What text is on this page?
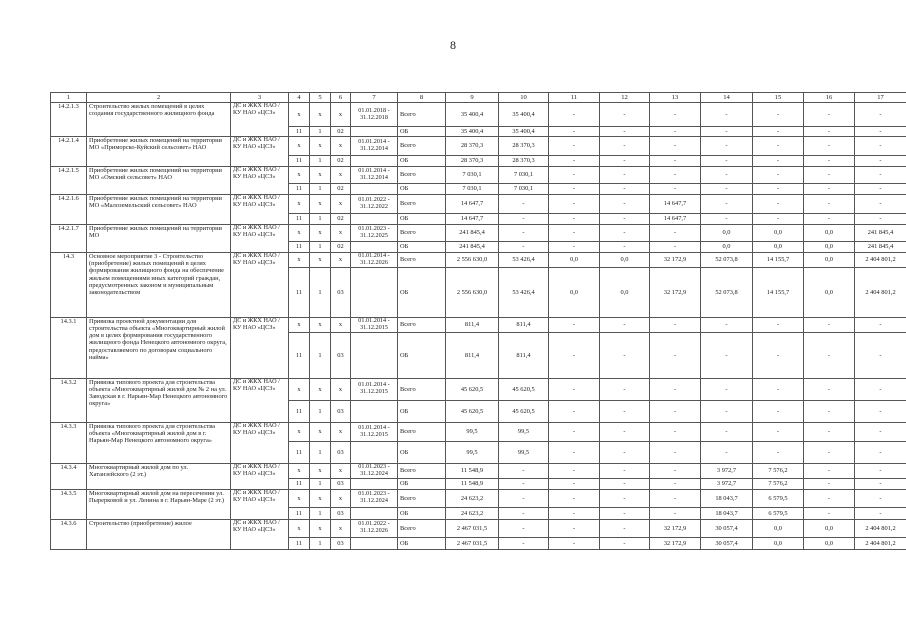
8
1	2	3	4	5	6	7	8	9	10	11	12	13	14	15	16	17
14.2.1.3	Строительство жилых помещений в целях создания государственного жилищного фонда	ДС и ЖКХ НАО / КУ НАО «ЦСЗ»	х	х	х	01.01.2018 - 31.12.2018	Всего	35 400,4	35 400,4	-	-	-	-	-	-	-
			11	1	02		ОБ	35 400,4	35 400,4	-	-	-	-	-	-	-
14.2.1.4	Приобретение жилых помещений на территории МО «Приморско-Куйский сельсовет» НАО	ДС и ЖКХ НАО / КУ НАО «ЦСЗ»	х	х	х	01.01.2014 - 31.12.2014	Всего	28 370,3	28 370,3	-	-	-	-	-	-	-
			11	1	02		ОБ	28 370,3	28 370,3	-	-	-	-	-	-	-
14.2.1.5	Приобретение жилых помещений на территории МО «Омский сельсовет» НАО	ДС и ЖКХ НАО / КУ НАО «ЦСЗ»	х	х	х	01.01.2014 - 31.12.2014	Всего	7 030,1	7 030,1	-	-	-	-	-	-	-
			11	1	02		ОБ	7 030,1	7 030,1	-	-	-	-	-	-	-
14.2.1.6	Приобретение жилых помещений на территории МО «Малоземельский сельсовет» НАО	ДС и ЖКХ НАО / КУ НАО «ЦСЗ»	х	х	х	01.01.2022 - 31.12.2022	Всего	14 647,7	-	-	-	14 647,7	-	-	-	-
			11	1	02		ОБ	14 647,7	-	-	-	14 647,7	-	-	-	-
14.2.1.7	Приобретение жилых помещений на территории МО	ДС и ЖКХ НАО / КУ НАО «ЦСЗ»	х	х	х	01.01.2023 - 31.12.2025	Всего	241 845,4	-	-	-	-	0,0	0,0	0,0	241 845,4
			11	1	02		ОБ	241 845,4	-	-	-	-	0,0	0,0	0,0	241 845,4
14.3	Основное мероприятие 3 - Строительство (приобретение) жилых помещений в целях формирования жилищного фонда на обеспечение жильем помещениями иных категорий граждан, предусмотренных законом и муниципальным законодательством	ДС и ЖКХ НАО / КУ НАО «ЦСЗ»	х	х	х	01.01.2014 - 31.12.2026	Всего	2 556 630,0	53 426,4	0,0	0,0	32 172,9	52 073,8	14 155,7	0,0	2 404 801,2
			11	1	03		ОБ	2 556 630,0	53 426,4	0,0	0,0	32 172,9	52 073,8	14 155,7	0,0	2 404 801,2
14.3.1	Привязка проектной документации для строительства объекта «Многоквартирный жилой дом в целях формирования государственного жилищного фонда Ненецкого автономного округа, предоставляемого по договорам социального найма»	ДС и ЖКХ НАО / КУ НАО «ЦСЗ»	х	х	х	01.01.2014 - 31.12.2015	Всего	811,4	811,4	-	-	-	-	-	-	-
			11	1	03		ОБ	811,4	811,4	-	-	-	-	-	-	-
14.3.2	Привязка типового проекта для строительства объекта «Многоквартирный жилой дом № 2 на ул. Заводская в г. Нарьян-Мар Ненецкого автономного округа»	ДС и ЖКХ НАО / КУ НАО «ЦСЗ»	х	х	х	01.01.2014 - 31.12.2015	Всего	45 620,5	45 620,5	-	-	-	-	-	-	-
			11	1	03		ОБ	45 620,5	45 620,5	-	-	-	-	-	-	-
14.3.3	Привязка типового проекта для строительства объекта «Многоквартирный жилой дом в г. Нарьян-Мар Ненецкого автономного округа»	ДС и ЖКХ НАО / КУ НАО «ЦСЗ»	х	х	х	01.01.2014 - 31.12.2015	Всего	99,5	99,5	-	-	-	-	-	-	-
			11	1	03		ОБ	99,5	99,5	-	-	-	-	-	-	-
14.3.4	Многоквартирный жилой дом по ул. Хатанзейского (2 эт.)	ДС и ЖКХ НАО / КУ НАО «ЦСЗ»	х	х	х	01.01.2023 - 31.12.2024	Всего	11 548,9	-	-	-	-	3 972,7	7 576,2	-	-
			11	1	03		ОБ	11 548,9	-	-	-	-	3 972,7	7 576,2	-	-
14.3.5	Многоквартирный жилой дом на пересечении ул. Пырерковой и ул. Ленина в г. Нарьян-Маре (2 эт.)	ДС и ЖКХ НАО / КУ НАО «ЦСЗ»	х	х	х	01.01.2023 - 31.12.2024	Всего	24 623,2	-	-	-	-	18 043,7	6 579,5	-	-
			11	1	03		ОБ	24 623,2	-	-	-	-	18 043,7	6 579,5	-	-
14.3.6	Строительство (приобретение) жилое	ДС и ЖКХ НАО / КУ НАО «ЦСЗ»	х	х	х	01.01.2022 - 31.12.2026	Всего	2 467 031,5	-	-	-	32 172,9	30 057,4	0,0	0,0	2 404 801,2
			11	1	03		ОБ	2 467 031,5	-	-	-	32 172,9	30 057,4	0,0	0,0	2 404 801,2
